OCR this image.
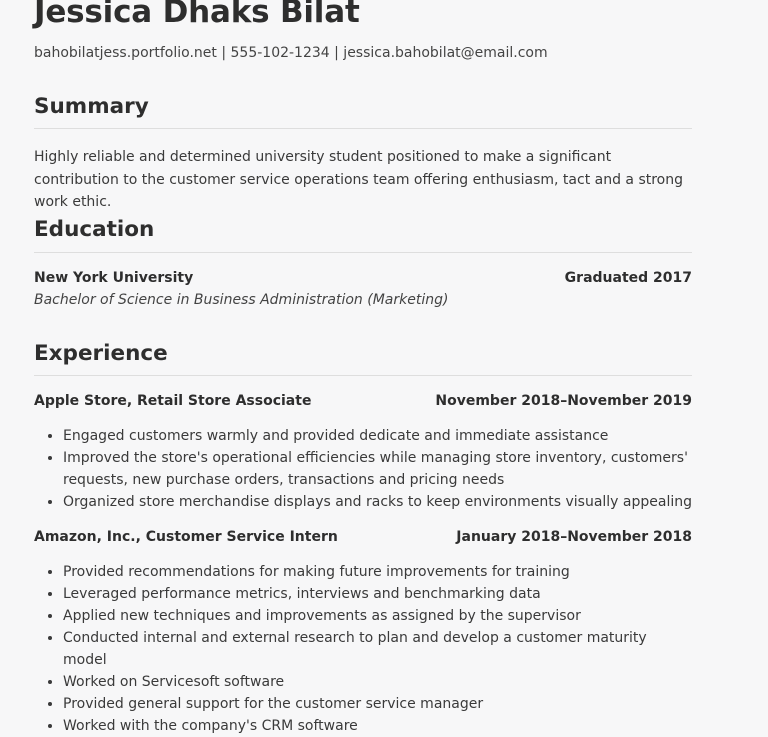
Jessica Dhaks Bilat
bahobilatjess.portfolio.net | 555-102-1234 | jessica.bahobilat@email.com
Summary

Highly reliable and determined university student positioned to make a significant contribution to the customer service operations team offering enthusiasm, tact and a strong work ethic.

Education
New York University	Graduated 2017
Bachelor of Science in Business Administration (Marketing)
Experience
Apple Store, Retail Store Associate	November 2018–November 2019
• Engaged customers warmly and provided dedicate and immediate assistance
• Improved the store's operational efficiencies while managing store inventory, customers' requests, new purchase orders, transactions and pricing needs
• Organized store merchandise displays and racks to keep environments visually appealing
Amazon, Inc., Customer Service Intern	January 2018–November 2018
• Provided recommendations for making future improvements for training
• Leveraged performance metrics, interviews and benchmarking data
• Applied new techniques and improvements as assigned by the supervisor
• Conducted internal and external research to plan and develop a customer maturity model
• Worked on Servicesoft software
• Provided general support for the customer service manager
• Worked with the company's CRM software
